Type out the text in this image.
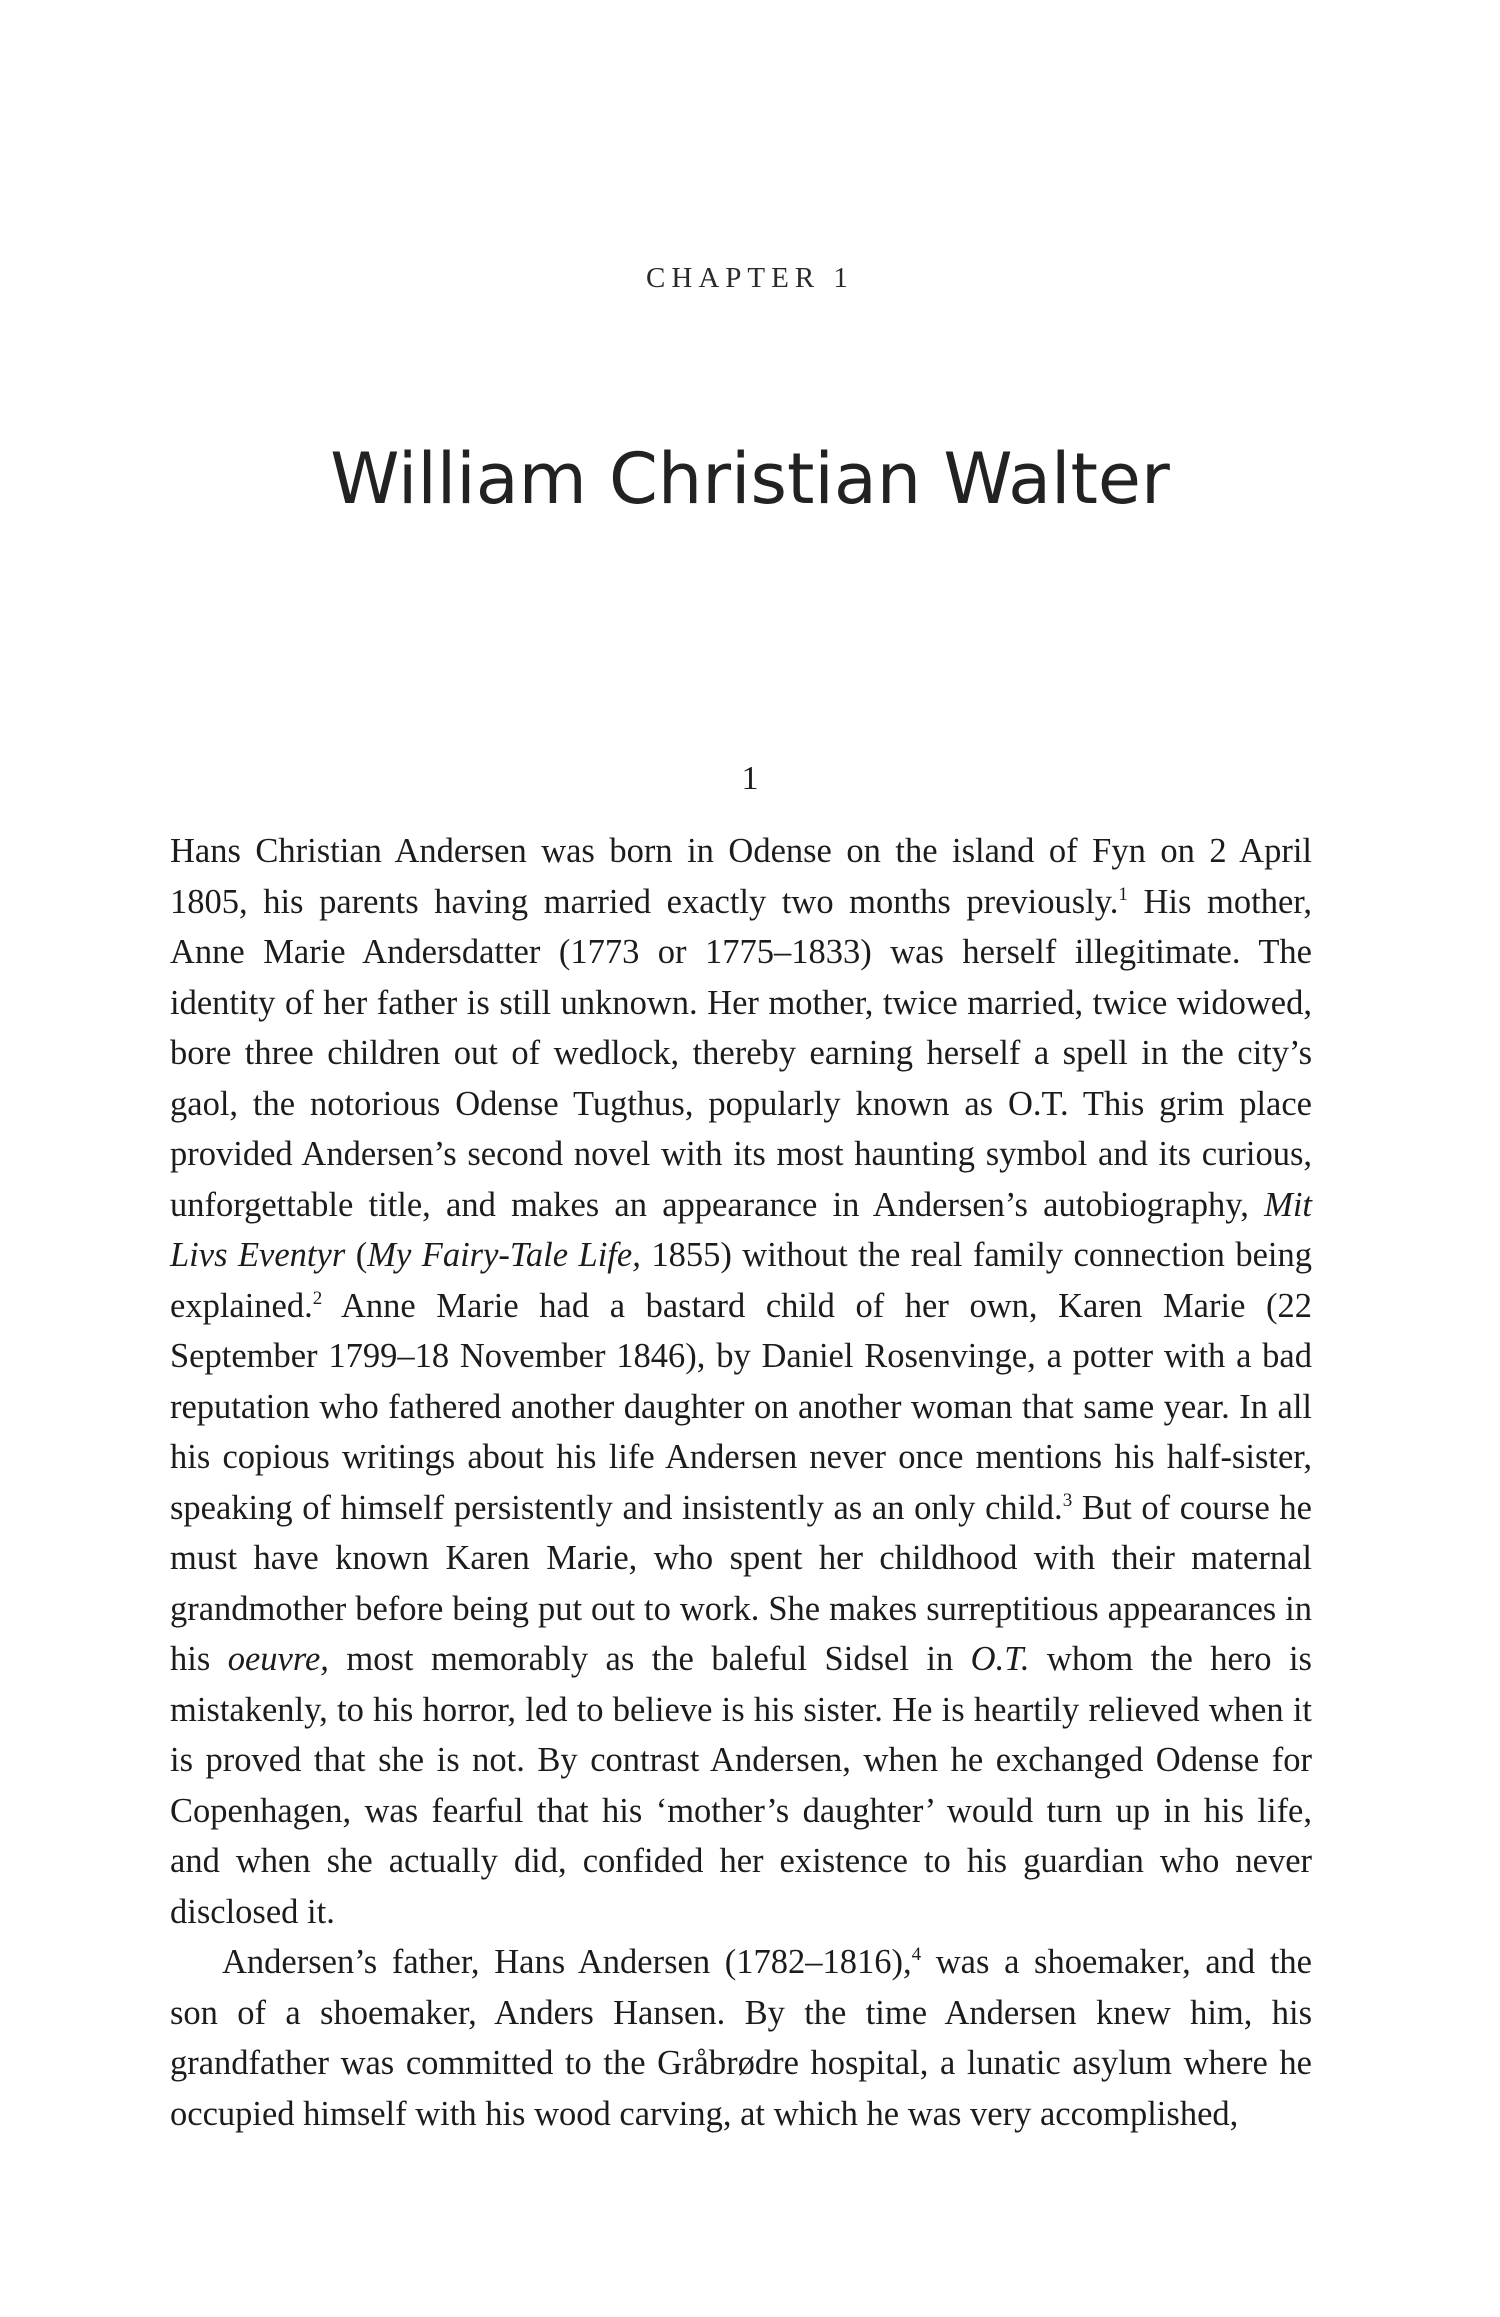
CHAPTER 1
William Christian Walter
1

Hans Christian Andersen was born in Odense on the island of Fyn on 2 April 1805, his parents having married exactly two months previously.$^1$ His mother, Anne Marie Andersdatter (1773 or 1775–1833) was herself illegitimate. The identity of her father is still unknown. Her mother, twice married, twice widowed, bore three children out of wedlock, thereby earning herself a spell in the city’s gaol, the notorious Odense Tugthus, popularly known as O.T. This grim place provided Andersen’s second novel with its most haunting symbol and its curious, unforgettable title, and makes an appearance in Andersen’s autobiography, Mit Livs Eventyr (My Fairy-Tale Life, 1855) without the real family connection being explained.$^2$ Anne Marie had a bastard child of her own, Karen Marie (22 September 1799–18 November 1846), by Daniel Rosenvinge, a potter with a bad reputation who fathered another daughter on another woman that same year. In all his copious writings about his life Andersen never once mentions his half-sister, speaking of himself persistently and insistently as an only child.$^3$ But of course he must have known Karen Marie, who spent her childhood with their maternal grandmother before being put out to work. She makes surreptitious appearances in his oeuvre, most memorably as the baleful Sidsel in O.T. whom the hero is mistakenly, to his horror, led to believe is his sister. He is heartily relieved when it is proved that she is not. By contrast Andersen, when he exchanged Odense for Copenhagen, was fearful that his ‘mother’s daughter’ would turn up in his life, and when she actually did, confided her existence to his guardian who never disclosed it.

Andersen’s father, Hans Andersen (1782–1816),$^4$ was a shoemaker, and the son of a shoemaker, Anders Hansen. By the time Andersen knew him, his grandfather was committed to the Gråbrødre hospital, a lunatic asylum where he occupied himself with his wood carving, at which he was very accomplished,
